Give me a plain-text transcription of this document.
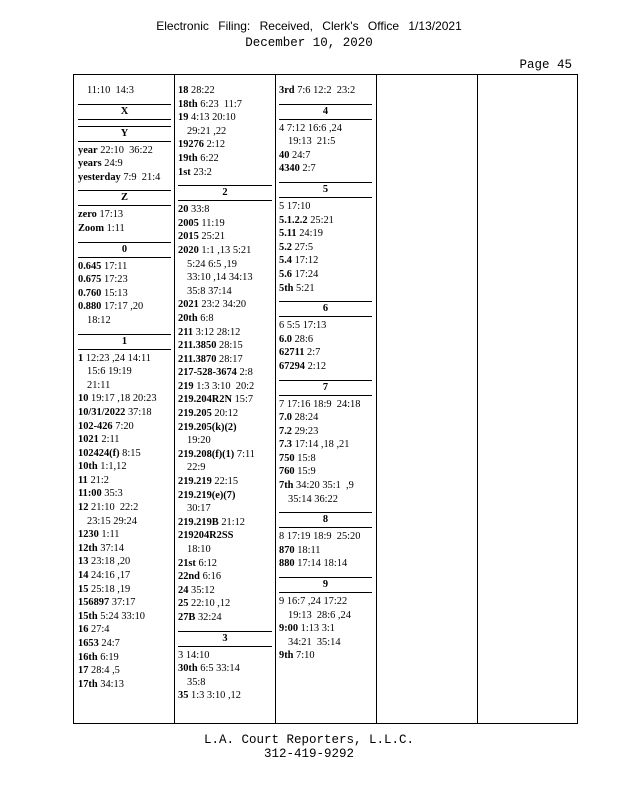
Electronic Filing: Received, Clerk's Office 1/13/2021
December 10, 2020
Page 45
11:10  14:3
X
Y
year 22:10  36:22
years 24:9
yesterday 7:9  21:4
Z
zero 17:13
Zoom 1:11
0
0.645 17:11
0.675 17:23
0.760 15:13
0.880 17:17 ,20
18:12
1
1 12:23 ,24 14:11
15:6 19:19
21:11
10 19:17 ,18 20:23
10/31/2022 37:18
102-426 7:20
1021 2:11
102424(f) 8:15
10th 1:1,12
11 21:2
11:00 35:3
12 21:10  22:2
23:15 29:24
1230 1:11
12th 37:14
13 23:18 ,20
14 24:16 ,17
15 25:18 ,19
156897 37:17
15th 5:24 33:10
16 27:4
1653 24:7
16th 6:19
17 28:4 ,5
17th 34:13
18 28:22
18th 6:23  11:7
19 4:13 20:10
29:21 ,22
19276 2:12
19th 6:22
1st 23:2
2
20 33:8
2005 11:19
2015 25:21
2020 1:1 ,13 5:21
5:24 6:5 ,19
33:10 ,14 34:13
35:8 37:14
2021 23:2 34:20
20th 6:8
211 3:12 28:12
211.3850 28:15
211.3870 28:17
217-528-3674 2:8
219 1:3 3:10  20:2
219.204R2N 15:7
219.205 20:12
219.205(k)(2)
19:20
219.208(f)(1) 7:11
22:9
219.219 22:15
219.219(e)(7)
30:17
219.219B 21:12
219204R2SS
18:10
21st 6:12
22nd 6:16
24 35:12
25 22:10 ,12
27B 32:24
3
3 14:10
30th 6:5 33:14
35:8
35 1:3 3:10 ,12
3rd 7:6 12:2  23:2
4
4 7:12 16:6 ,24
19:13  21:5
40 24:7
4340 2:7
5
5 17:10
5.1.2.2 25:21
5.11 24:19
5.2 27:5
5.4 17:12
5.6 17:24
5th 5:21
6
6 5:5 17:13
6.0 28:6
62711 2:7
67294 2:12
7
7 17:16 18:9  24:18
7.0 28:24
7.2 29:23
7.3 17:14 ,18 ,21
750 15:8
760 15:9
7th 34:20 35:1  ,9
35:14 36:22
8
8 17:19 18:9  25:20
870 18:11
880 17:14 18:14
9
9 16:7 ,24 17:22
19:13  28:6 ,24
9:00 1:13 3:1
34:21  35:14
9th 7:10
L.A. Court Reporters, L.L.C.
312-419-9292
